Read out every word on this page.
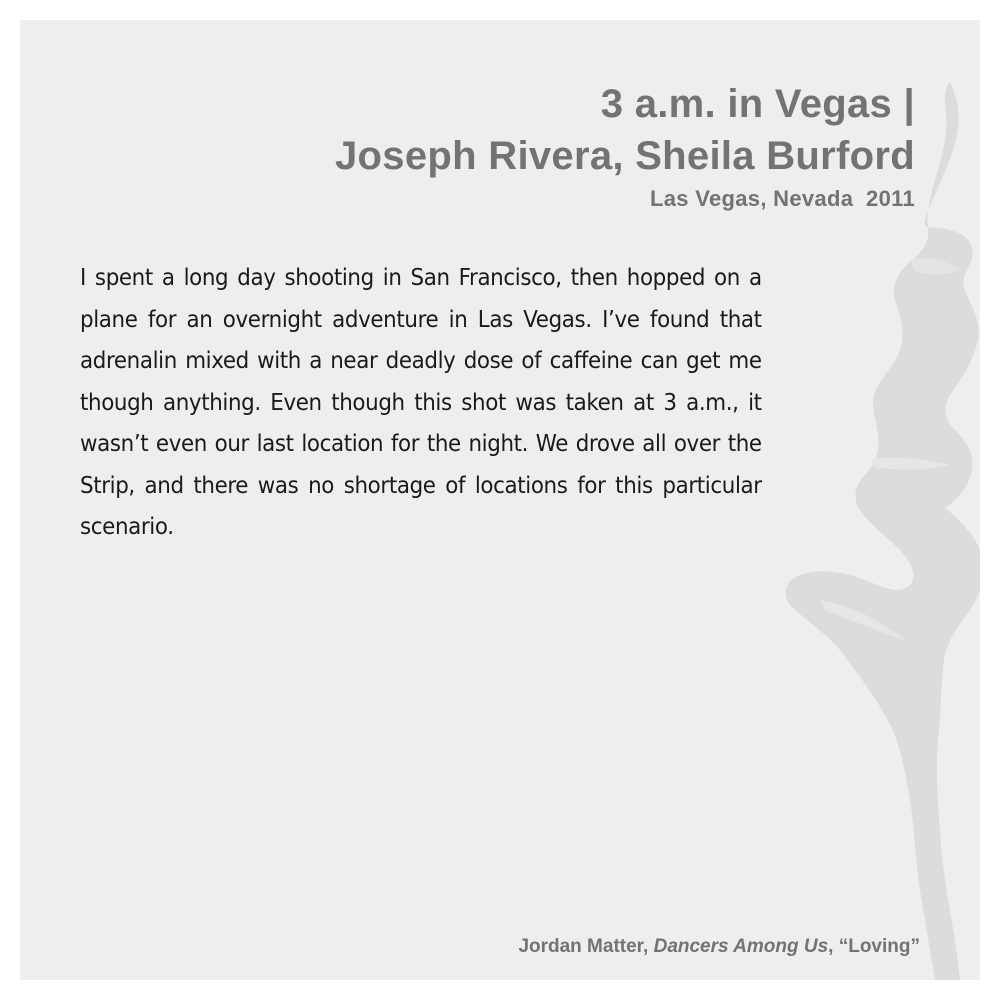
3 a.m. in Vegas |
Joseph Rivera, Sheila Burford
Las Vegas, Nevada  2011
I spent a long day shooting in San Francisco, then hopped on a plane for an overnight adventure in Las Vegas. I’ve found that adrenalin mixed with a near deadly dose of caffeine can get me though anything. Even though this shot was taken at 3 a.m., it wasn’t even our last location for the night. We drove all over the Strip, and there was no shortage of locations for this particular scenario.
Jordan Matter, Dancers Among Us, “Loving”
